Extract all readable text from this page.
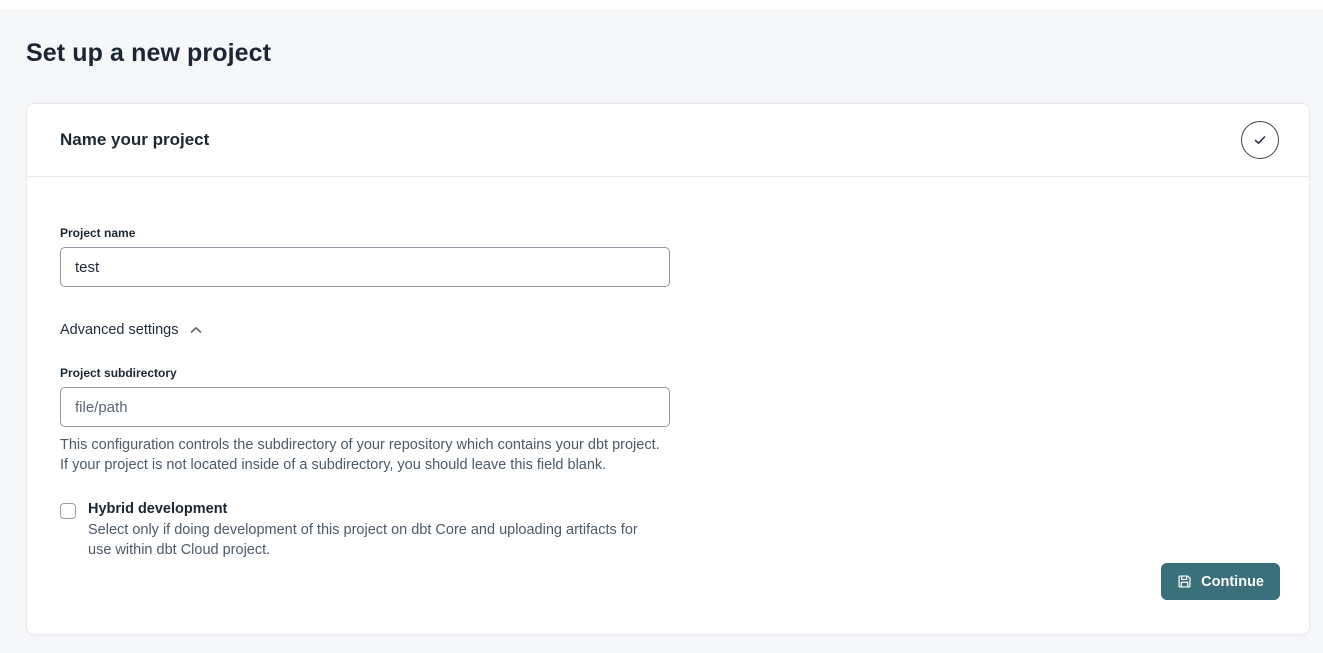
Set up a new project
Name your project
Project name
test
Advanced settings
Project subdirectory
file/path
This configuration controls the subdirectory of your repository which contains your dbt project. If your project is not located inside of a subdirectory, you should leave this field blank.
Hybrid development
Select only if doing development of this project on dbt Core and uploading artifacts for use within dbt Cloud project.
Continue
